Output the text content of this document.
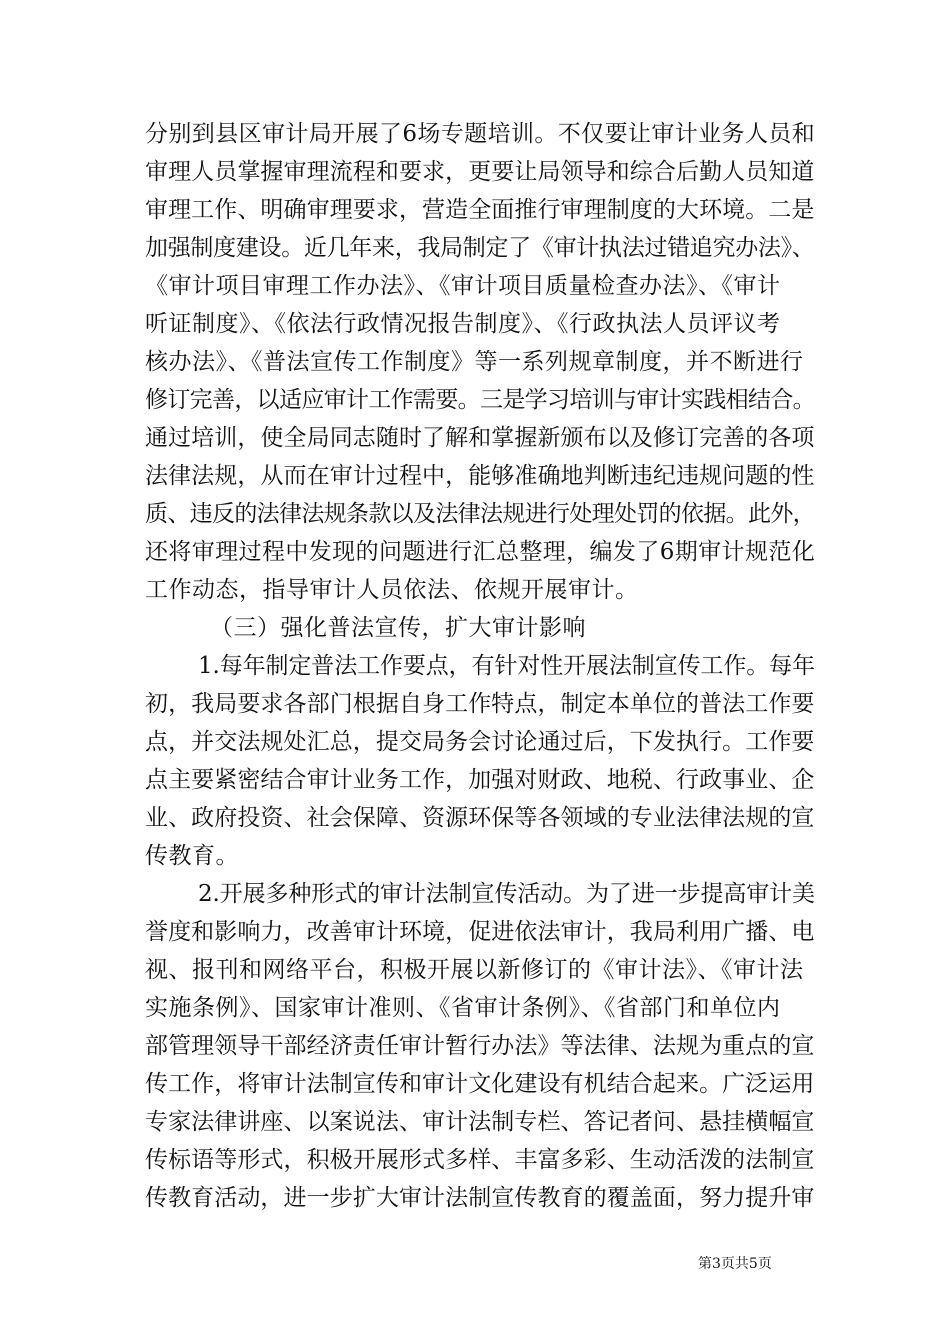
分别到县区审计局开展了6场专题培训。不仅要让审计业务人员和
审理人员掌握审理流程和要求，更要让局领导和综合后勤人员知道
审理工作、明确审理要求，营造全面推行审理制度的大环境。二是
加强制度建设。近几年来，我局制定了《审计执法过错追究办法》、
《审计项目审理工作办法》、《审计项目质量检查办法》、《审计
听证制度》、《依法行政情况报告制度》、《行政执法人员评议考
核办法》、《普法宣传工作制度》等一系列规章制度，并不断进行
修订完善，以适应审计工作需要。三是学习培训与审计实践相结合。
通过培训，使全局同志随时了解和掌握新颁布以及修订完善的各项
法律法规，从而在审计过程中，能够准确地判断违纪违规问题的性
质、违反的法律法规条款以及法律法规进行处理处罚的依据。此外，
还将审理过程中发现的问题进行汇总整理，编发了6期审计规范化
工作动态，指导审计人员依法、依规开展审计。
（三）强化普法宣传，扩大审计影响
1.每年制定普法工作要点，有针对性开展法制宣传工作。每年
初，我局要求各部门根据自身工作特点，制定本单位的普法工作要
点，并交法规处汇总，提交局务会讨论通过后，下发执行。工作要
点主要紧密结合审计业务工作，加强对财政、地税、行政事业、企
业、政府投资、社会保障、资源环保等各领域的专业法律法规的宣
传教育。
2.开展多种形式的审计法制宣传活动。为了进一步提高审计美
誉度和影响力，改善审计环境，促进依法审计，我局利用广播、电
视、报刊和网络平台，积极开展以新修订的《审计法》、《审计法
实施条例》、国家审计准则、《省审计条例》、《省部门和单位内
部管理领导干部经济责任审计暂行办法》等法律、法规为重点的宣
传工作，将审计法制宣传和审计文化建设有机结合起来。广泛运用
专家法律讲座、以案说法、审计法制专栏、答记者问、悬挂横幅宣
传标语等形式，积极开展形式多样、丰富多彩、生动活泼的法制宣
传教育活动，进一步扩大审计法制宣传教育的覆盖面，努力提升审
第3页共5页
